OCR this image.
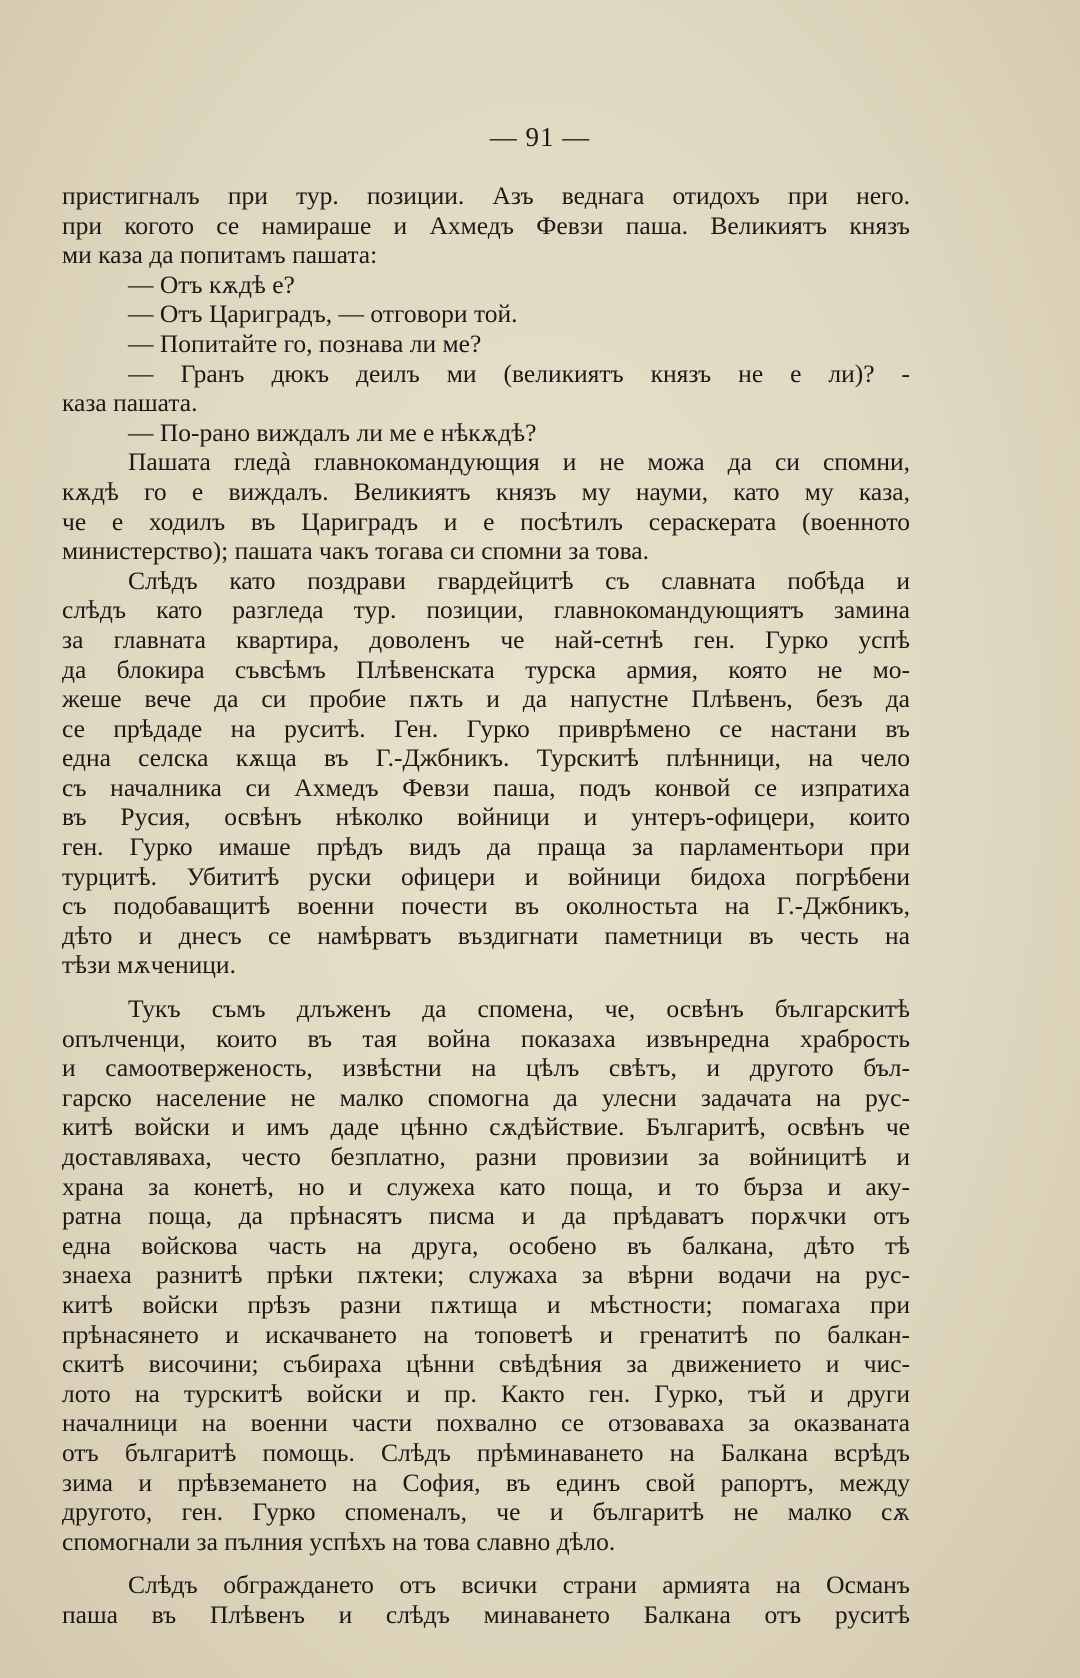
— 91 —
пристигналъ при тур. позиции. Азъ веднага отидохъ при него.
при когото се намираше и Ахмедъ Февзи паша. Великиятъ князъ
ми каза да попитамъ пашата:
— Отъ кѫдѣ е?
— Отъ Цариградъ, — отговори той.
— Попитайте го, познава ли ме?
— Гранъ дюкъ деилъ ми (великиятъ князъ не е ли)? -
каза пашата.
— По-рано виждалъ ли ме е нѣкѫдѣ?
Пашата гледà главнокомандующия и не можа да си спомни,
кѫдѣ го е виждалъ. Великиятъ князъ му науми, като му каза,
че е ходилъ въ Цариградъ и е посѣтилъ сераскерата (военното
министерство); пашата чакъ тогава си спомни за това.
Слѣдъ като поздрави гвардейцитѣ съ славната побѣда и
слѣдъ като разгледа тур. позиции, главнокомандующиятъ замина
за главната квартира, доволенъ че най-сетнѣ ген. Гурко успѣ
да блокира съвсѣмъ Плѣвенската турска армия, която не мо-
жеше вече да си пробие пѫть и да напустне Плѣвенъ, безъ да
се прѣдаде на руситѣ. Ген. Гурко приврѣмено се настани въ
една селска кѫща въ Г.-Джбникъ. Турскитѣ плѣнници, на чело
съ началника си Ахмедъ Февзи паша, подъ конвой се изпратиха
въ Русия, освѣнъ нѣколко войници и унтеръ-офицери, които
ген. Гурко имаше прѣдъ видъ да праща за парламентьори при
турцитѣ. Убититѣ руски офицери и войници бидоха погрѣбени
съ подобаващитѣ военни почести въ околностьта на Г.-Джбникъ,
дѣто и днесъ се намѣрватъ въздигнати паметници въ честь на
тѣзи мѫченици.
Тукъ съмъ длъженъ да спомена, че, освѣнъ българскитѣ
опълченци, които въ тая война показаха извънредна храбрость
и самоотверженость, извѣстни на цѣлъ свѣтъ, и другото бъл-
гарско население не малко спомогна да улесни задачата на рус-
китѣ войски и имъ даде цѣнно сѫдѣйствие. Българитѣ, освѣнъ че
доставляваха, често безплатно, разни провизии за войницитѣ и
храна за конетѣ, но и служеха като поща, и то бърза и аку-
ратна поща, да прѣнасятъ писма и да прѣдаватъ порѫчки отъ
една войскова часть на друга, особено въ балкана, дѣто тѣ
знаеха разнитѣ прѣки пѫтеки; служаха за вѣрни водачи на рус-
китѣ войски прѣзъ разни пѫтища и мѣстности; помагаха при
прѣнасянето и искачването на топоветѣ и гренатитѣ по балкан-
скитѣ височини; събираха цѣнни свѣдѣния за движението и чис-
лото на турскитѣ войски и пр. Както ген. Гурко, тъй и други
началници на военни части похвално се отзоваваха за оказваната
отъ българитѣ помощь. Слѣдъ прѣминаването на Балкана всрѣдъ
зима и прѣвземането на София, въ единъ свой рапортъ, между
другото, ген. Гурко споменалъ, че и българитѣ не малко сѫ
спомогнали за пълния успѣхъ на това славно дѣло.
Слѣдъ обграждането отъ всички страни армията на Османъ
паша въ Плѣвенъ и слѣдъ минаването Балкана отъ руситѣ
